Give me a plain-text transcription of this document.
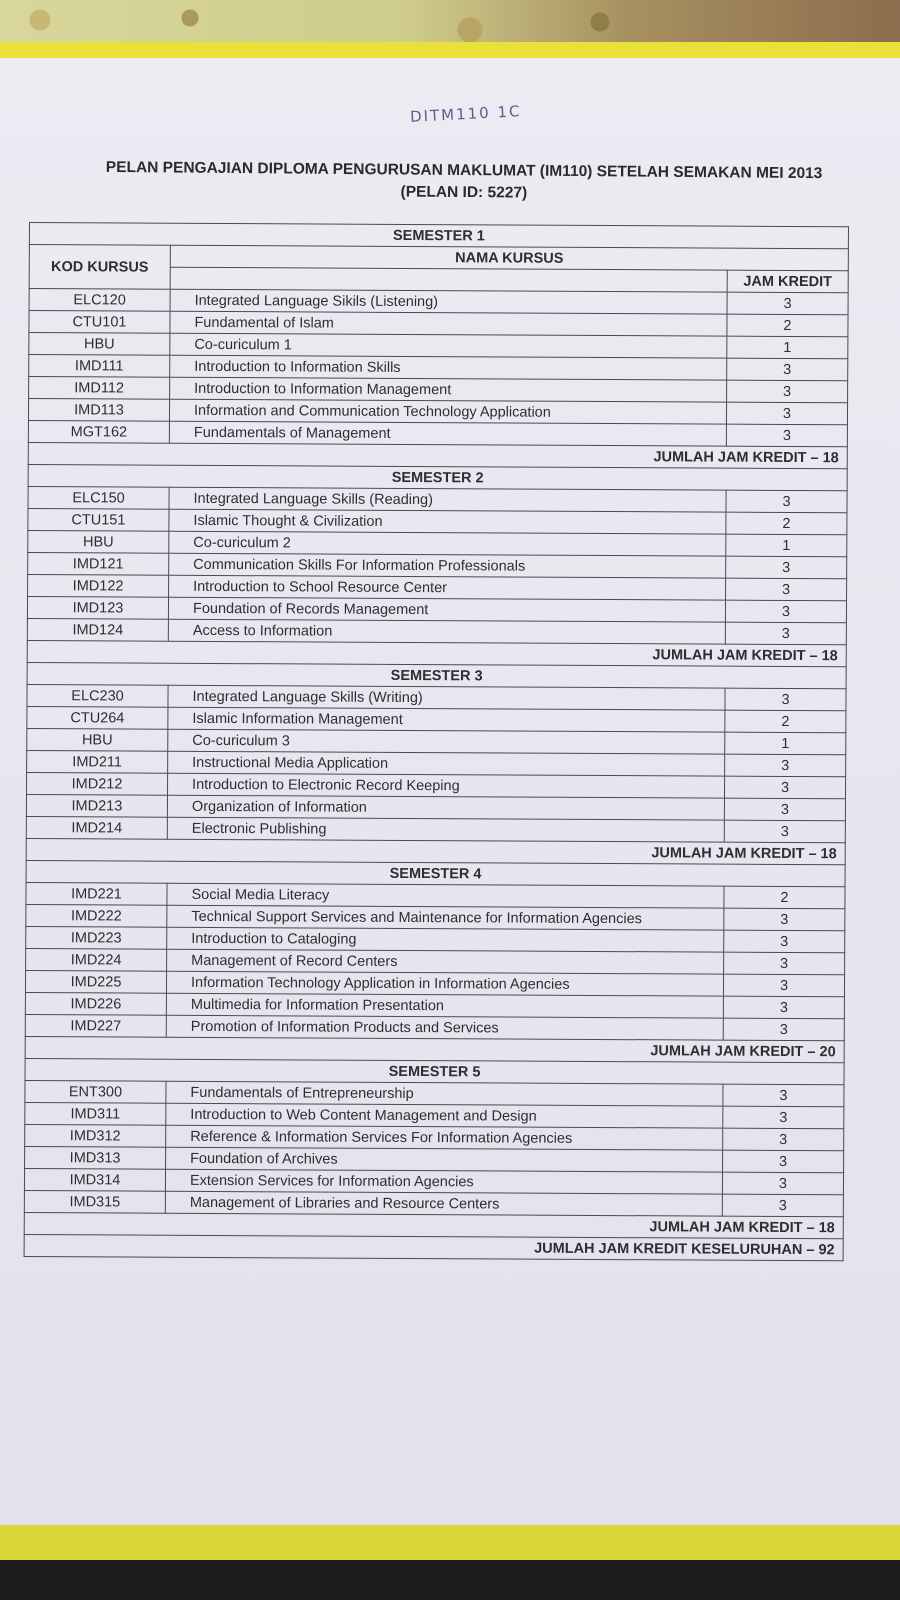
DITM110 1C
PELAN PENGAJIAN DIPLOMA PENGURUSAN MAKLUMAT (IM110) SETELAH SEMAKAN MEI 2013
(PELAN ID: 5227)
SEMESTER 1		
KOD KURSUS	NAMA KURSUS	
		JAM KREDIT
ELC120	Integrated Language Sikils (Listening)	3
CTU101	Fundamental of Islam	2
HBU	Co-curiculum 1	1
IMD111	Introduction to Information Skills	3
IMD112	Introduction to Information Management	3
IMD113	Information and Communication Technology Application	3
MGT162	Fundamentals of Management	3
JUMLAH JAM KREDIT – 18		
SEMESTER 2		
ELC150	Integrated Language Skills (Reading)	3
CTU151	Islamic Thought & Civilization	2
HBU	Co-curiculum 2	1
IMD121	Communication Skills For Information Professionals	3
IMD122	Introduction to School Resource Center	3
IMD123	Foundation of Records Management	3
IMD124	Access to Information	3
JUMLAH JAM KREDIT – 18		
SEMESTER 3		
ELC230	Integrated Language Skills (Writing)	3
CTU264	Islamic Information Management	2
HBU	Co-curiculum 3	1
IMD211	Instructional Media Application	3
IMD212	Introduction to Electronic Record Keeping	3
IMD213	Organization of Information	3
IMD214	Electronic Publishing	3
JUMLAH JAM KREDIT – 18		
SEMESTER 4		
IMD221	Social Media Literacy	2
IMD222	Technical Support Services and Maintenance for Information Agencies	3
IMD223	Introduction to Cataloging	3
IMD224	Management of Record Centers	3
IMD225	Information Technology Application in Information Agencies	3
IMD226	Multimedia for Information Presentation	3
IMD227	Promotion of Information Products and Services	3
JUMLAH JAM KREDIT – 20		
SEMESTER 5		
ENT300	Fundamentals of Entrepreneurship	3
IMD311	Introduction to Web Content Management and Design	3
IMD312	Reference & Information Services For Information Agencies	3
IMD313	Foundation of Archives	3
IMD314	Extension Services for Information Agencies	3
IMD315	Management of Libraries and Resource Centers	3
JUMLAH JAM KREDIT – 18		
JUMLAH JAM KREDIT KESELURUHAN – 92		
